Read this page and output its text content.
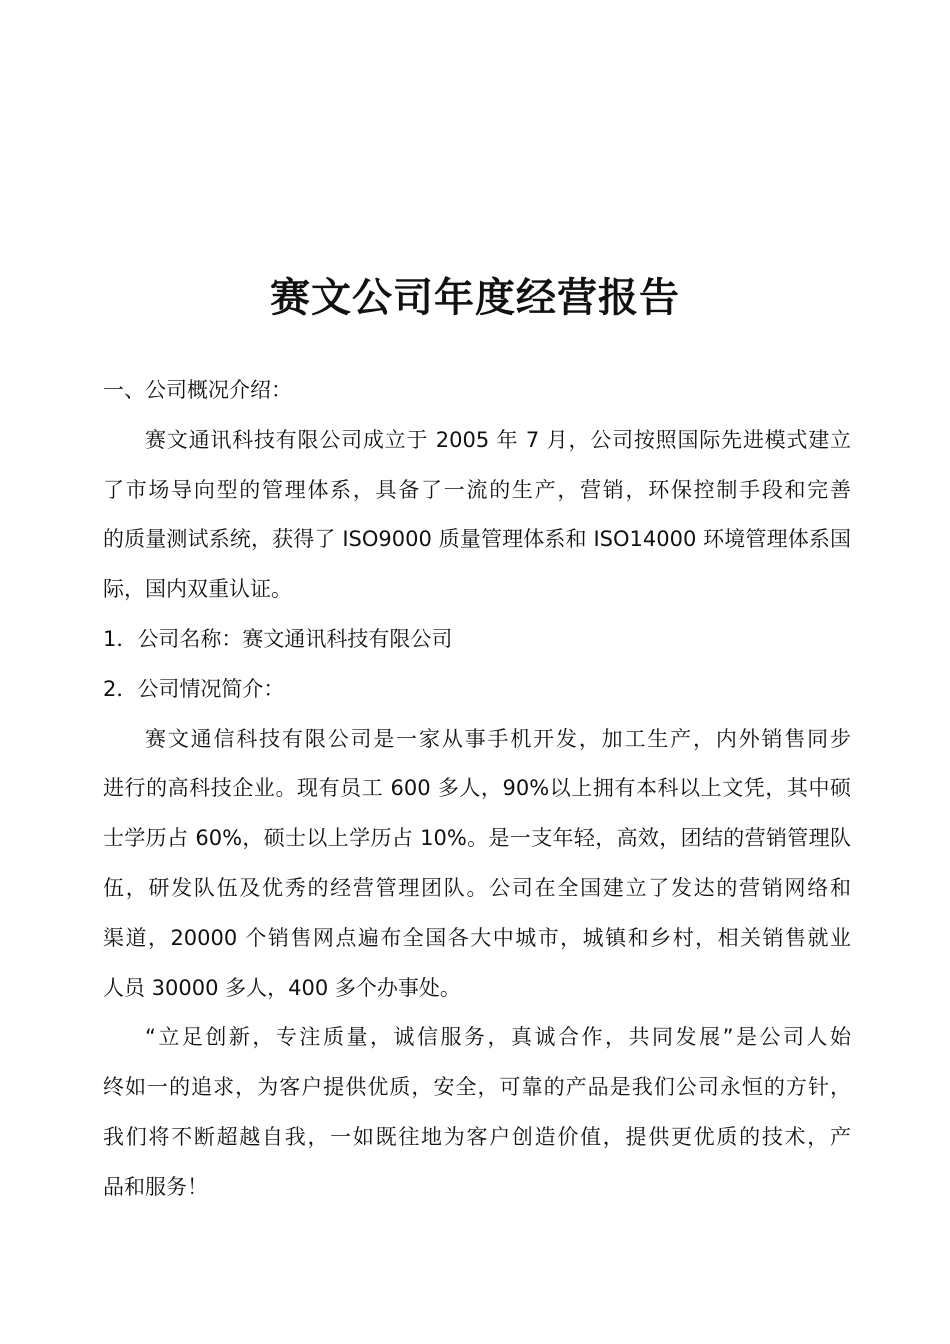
赛文公司年度经营报告

一、公司概况介绍：

赛文通讯科技有限公司成立于 2005 年 7 月，公司按照国际先进模式建立

了市场导向型的管理体系，具备了一流的生产，营销，环保控制手段和完善

的质量测试系统，获得了 ISO9000 质量管理体系和 ISO14000 环境管理体系国

际，国内双重认证。

1．公司名称：赛文通讯科技有限公司

2．公司情况简介：

赛文通信科技有限公司是一家从事手机开发，加工生产，内外销售同步

进行的高科技企业。现有员工 600 多人，90%以上拥有本科以上文凭，其中硕

士学历占 60%，硕士以上学历占 10%。是一支年轻，高效，团结的营销管理队

伍，研发队伍及优秀的经营管理团队。公司在全国建立了发达的营销网络和

渠道，20000 个销售网点遍布全国各大中城市，城镇和乡村，相关销售就业

人员 30000 多人，400 多个办事处。

“立足创新，专注质量，诚信服务，真诚合作，共同发展”是公司人始

终如一的追求，为客户提供优质，安全，可靠的产品是我们公司永恒的方针，

我们将不断超越自我，一如既往地为客户创造价值，提供更优质的技术，产

品和服务！
